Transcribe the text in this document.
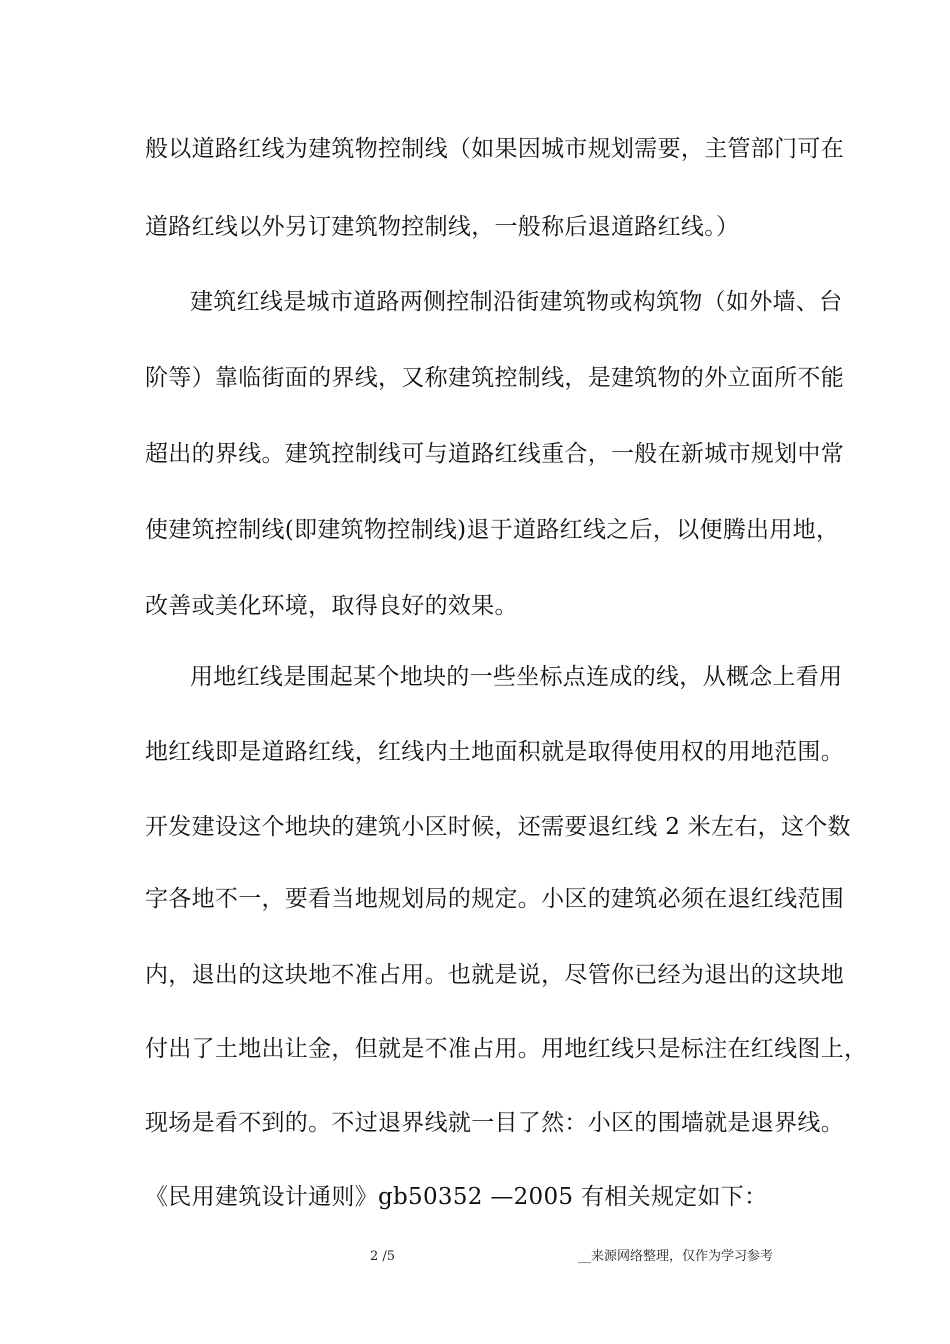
般以道路红线为建筑物控制线（如果因城市规划需要，主管部门可在
道路红线以外另订建筑物控制线，一般称后退道路红线。）
建筑红线是城市道路两侧控制沿街建筑物或构筑物（如外墙、台
阶等）靠临街面的界线，又称建筑控制线，是建筑物的外立面所不能
超出的界线。建筑控制线可与道路红线重合，一般在新城市规划中常
使建筑控制线(即建筑物控制线)退于道路红线之后，以便腾出用地，
改善或美化环境，取得良好的效果。
用地红线是围起某个地块的一些坐标点连成的线，从概念上看用
地红线即是道路红线，红线内土地面积就是取得使用权的用地范围。
开发建设这个地块的建筑小区时候，还需要退红线 2 米左右，这个数
字各地不一，要看当地规划局的规定。小区的建筑必须在退红线范围
内，退出的这块地不准占用。也就是说，尽管你已经为退出的这块地
付出了土地出让金，但就是不准占用。用地红线只是标注在红线图上，
现场是看不到的。不过退界线就一目了然：小区的围墙就是退界线。
《民用建筑设计通则》gb50352 —2005 有相关规定如下：
2 /5	__来源网络整理，仅作为学习参考
